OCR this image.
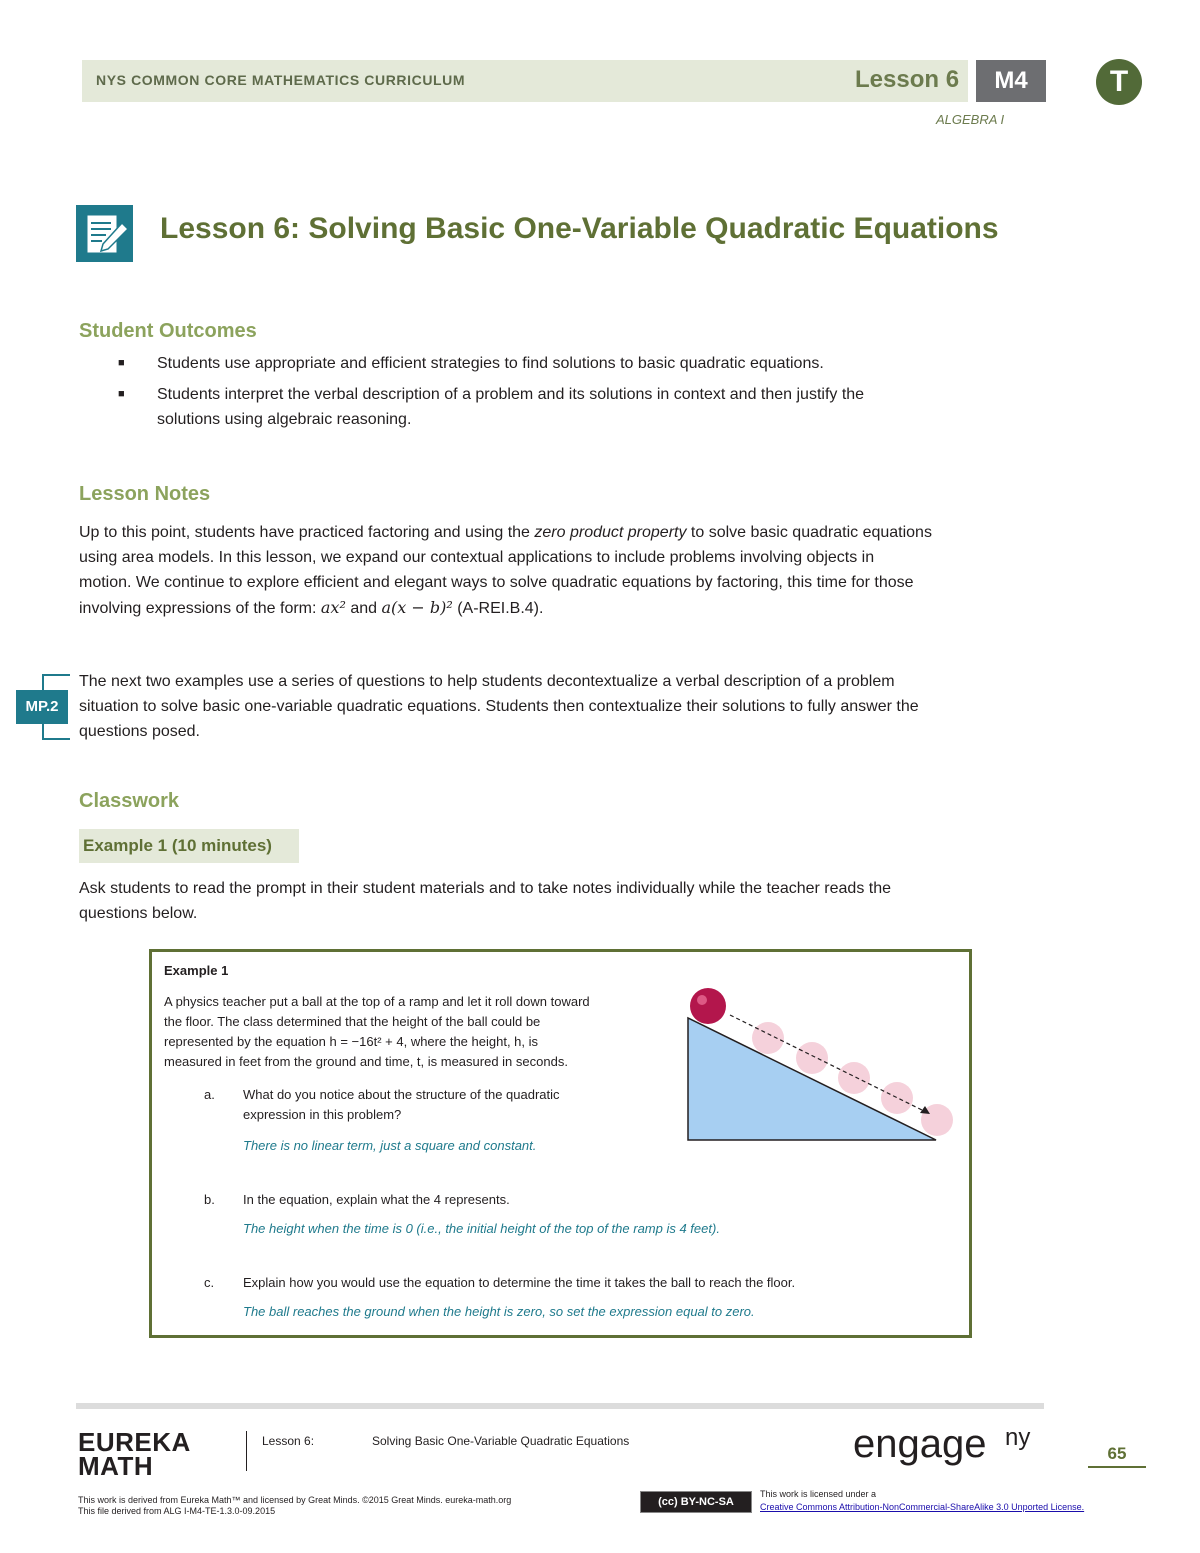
NYS COMMON CORE MATHEMATICS CURRICULUM	Lesson 6	M4	T
ALGEBRA I
Lesson 6: Solving Basic One-Variable Quadratic Equations
Student Outcomes
■ Students use appropriate and efficient strategies to find solutions to basic quadratic equations.
■ Students interpret the verbal description of a problem and its solutions in context and then justify the
solutions using algebraic reasoning.
Lesson Notes
Up to this point, students have practiced factoring and using the zero product property to solve basic quadratic equations
using area models. In this lesson, we expand our contextual applications to include problems involving objects in
motion. We continue to explore efficient and elegant ways to solve quadratic equations by factoring, this time for those
involving expressions of the form: ax² and a(x − b)² (A-REI.B.4).
MP.2
The next two examples use a series of questions to help students decontextualize a verbal description of a problem
situation to solve basic one-variable quadratic equations. Students then contextualize their solutions to fully answer the
questions posed.
Classwork
Example 1 (10 minutes)
Ask students to read the prompt in their student materials and to take notes individually while the teacher reads the
questions below.
Example 1
A physics teacher put a ball at the top of a ramp and let it roll down toward
the floor. The class determined that the height of the ball could be
represented by the equation h = −16t² + 4, where the height, h, is
measured in feet from the ground and time, t, is measured in seconds.
a. What do you notice about the structure of the quadratic
expression in this problem?
There is no linear term, just a square and constant.
b. In the equation, explain what the 4 represents.
The height when the time is 0 (i.e., the initial height of the top of the ramp is 4 feet).
c. Explain how you would use the equation to determine the time it takes the ball to reach the floor.
The ball reaches the ground when the height is zero, so set the expression equal to zero.
EUREKA
MATH
Lesson 6:	Solving Basic One-Variable Quadratic Equations	engage ny
65
This work is derived from Eureka Math™ and licensed by Great Minds. ©2015 Great Minds. eureka-math.org
This file derived from ALG I-M4-TE-1.3.0-09.2015
(cc) BY-NC-SA
This work is licensed under a
Creative Commons Attribution-NonCommercial-ShareAlike 3.0 Unported License.
